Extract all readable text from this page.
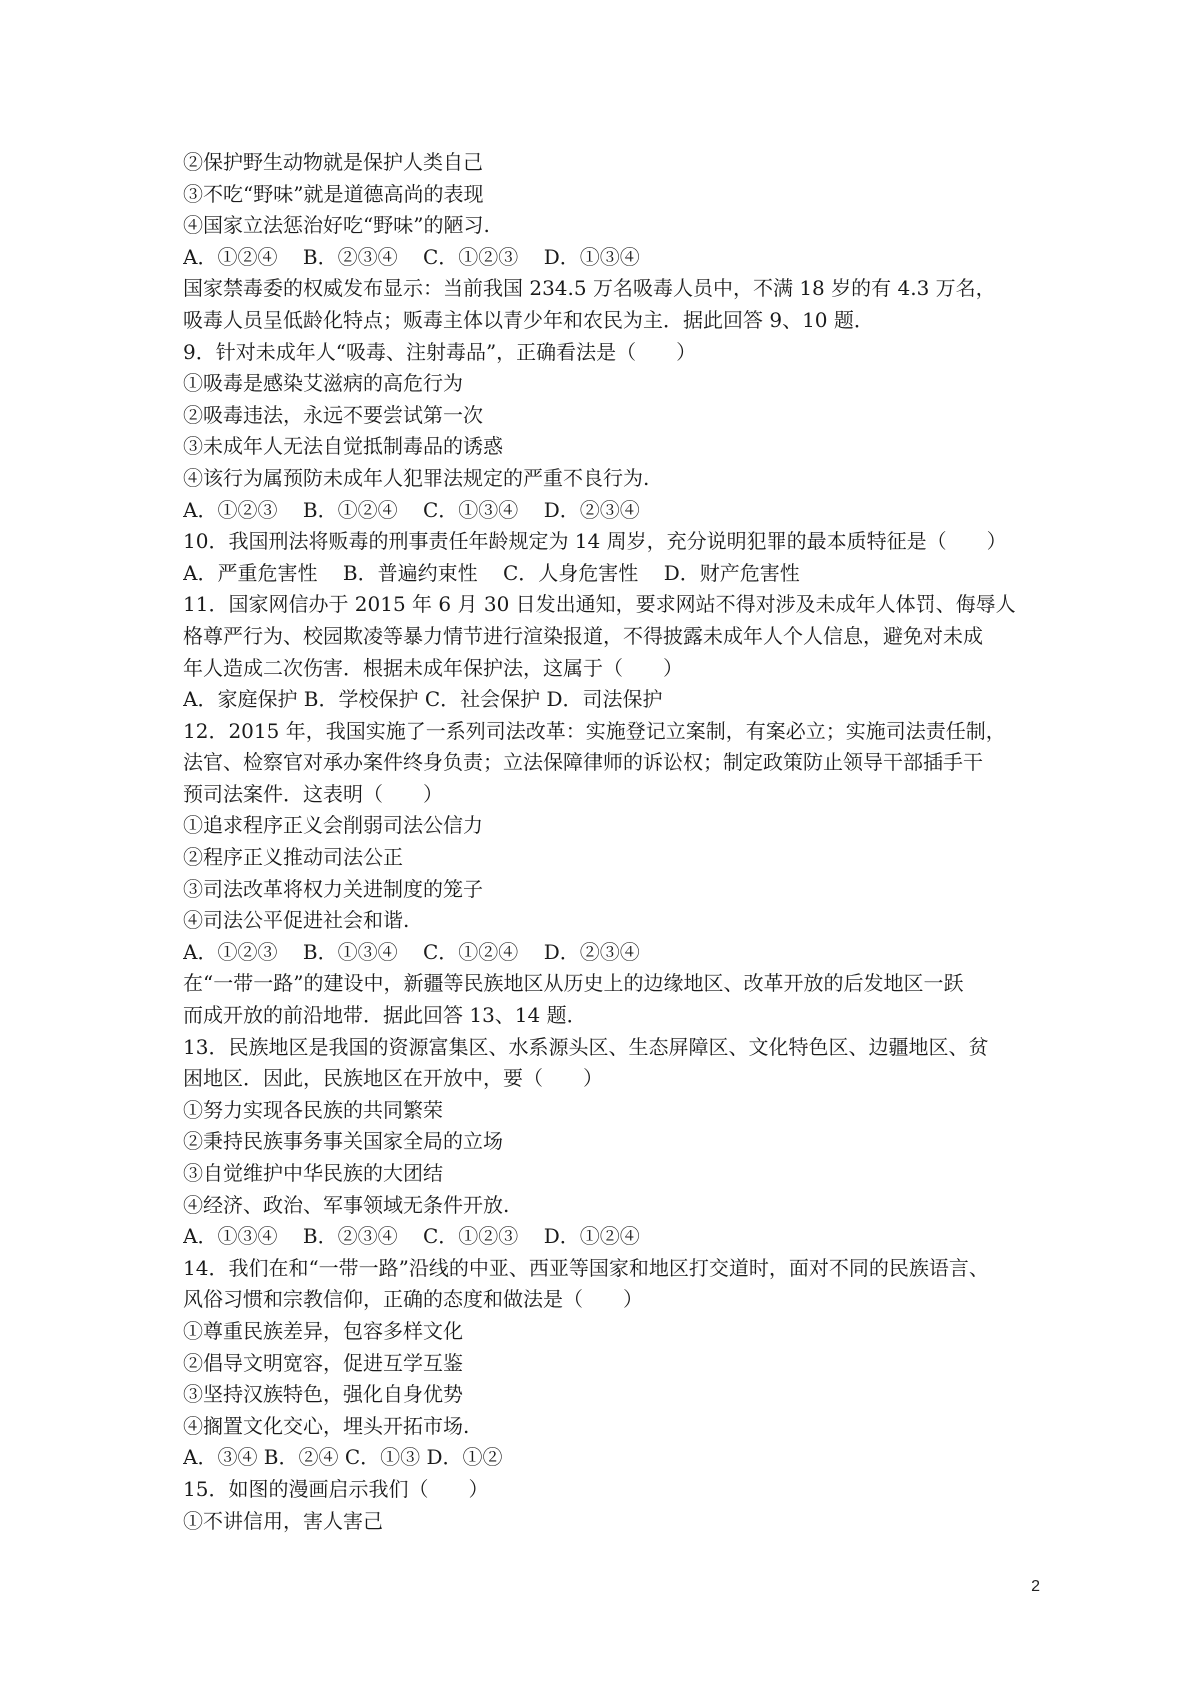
②保护野生动物就是保护人类自己
③不吃“野味”就是道德高尚的表现
④国家立法惩治好吃“野味”的陋习.
A．①②④    B．②③④    C．①②③    D．①③④
国家禁毒委的权威发布显示：当前我国 234.5 万名吸毒人员中，不满 18 岁的有 4.3 万名，
吸毒人员呈低龄化特点；贩毒主体以青少年和农民为主．据此回答 9、10 题．
9．针对未成年人“吸毒、注射毒品”，正确看法是（　　）
①吸毒是感染艾滋病的高危行为
②吸毒违法，永远不要尝试第一次
③未成年人无法自觉抵制毒品的诱惑
④该行为属预防未成年人犯罪法规定的严重不良行为.
A．①②③    B．①②④    C．①③④    D．②③④
10．我国刑法将贩毒的刑事责任年龄规定为 14 周岁，充分说明犯罪的最本质特征是（　　）
A．严重危害性    B．普遍约束性    C．人身危害性    D．财产危害性
11．国家网信办于 2015 年 6 月 30 日发出通知，要求网站不得对涉及未成年人体罚、侮辱人
格尊严行为、校园欺凌等暴力情节进行渲染报道，不得披露未成年人个人信息，避免对未成
年人造成二次伤害．根据未成年保护法，这属于（　　）
A．家庭保护 B．学校保护 C．社会保护 D．司法保护
12．2015 年，我国实施了一系列司法改革：实施登记立案制，有案必立；实施司法责任制，
法官、检察官对承办案件终身负责；立法保障律师的诉讼权；制定政策防止领导干部插手干
预司法案件．这表明（　　）
①追求程序正义会削弱司法公信力
②程序正义推动司法公正
③司法改革将权力关进制度的笼子
④司法公平促进社会和谐.
A．①②③    B．①③④    C．①②④    D．②③④
在“一带一路”的建设中，新疆等民族地区从历史上的边缘地区、改革开放的后发地区一跃
而成开放的前沿地带．据此回答 13、14 题．
13．民族地区是我国的资源富集区、水系源头区、生态屏障区、文化特色区、边疆地区、贫
困地区．因此，民族地区在开放中，要（　　）
①努力实现各民族的共同繁荣
②秉持民族事务事关国家全局的立场
③自觉维护中华民族的大团结
④经济、政治、军事领域无条件开放.
A．①③④    B．②③④    C．①②③    D．①②④
14．我们在和“一带一路”沿线的中亚、西亚等国家和地区打交道时，面对不同的民族语言、
风俗习惯和宗教信仰，正确的态度和做法是（　　）
①尊重民族差异，包容多样文化
②倡导文明宽容，促进互学互鉴
③坚持汉族特色，强化自身优势
④搁置文化交心，埋头开拓市场.
A．③④ B．②④ C．①③ D．①②
15．如图的漫画启示我们（　　）
①不讲信用，害人害己
2
